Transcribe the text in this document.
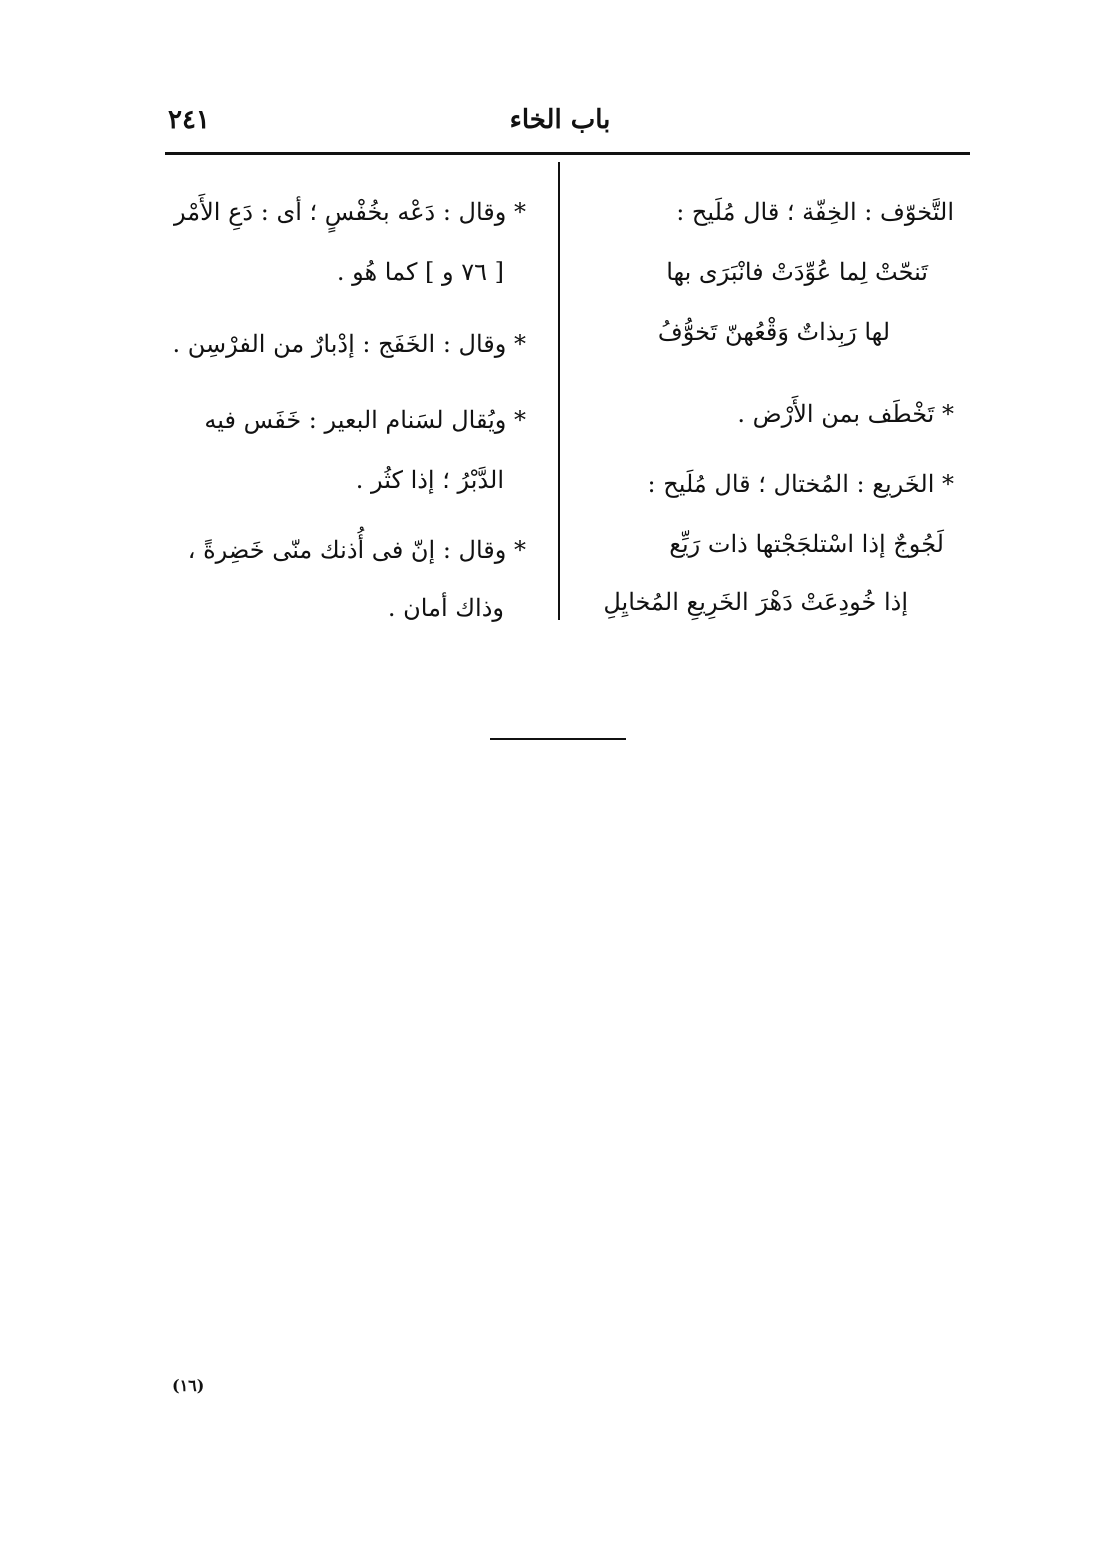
باب الخاء
٢٤١
التَّخوّف : الخِفّة ؛ قال مُلَيح :
تَنحّتْ لِما عُوِّدَتْ فانْبَرَى بها
لها رَبِذاتٌ وَقْعُهنّ تَخوُّفُ
* تَخْطَف بمن الأَرْض .
* الخَريع : المُختال ؛ قال مُلَيح :
لَجُوجٌ إذا اسْتلجَجْتها ذات رَيِّع
إذا خُودِعَتْ دَهْرَ الخَرِيعِ المُخايِلِ
* وقال : دَعْه بخُفْسٍ ؛ أى : دَعِ الأَمْر
[ ٧٦ و ] كما هُو .
* وقال : الخَفَج : إدْبارٌ من الفرْسِن .
* ويُقال لسَنام البعير : خَفَس فيه
الدَّبْرُ ؛ إذا كثُر .
* وقال : إنّ فى أُذنك منّى خَضِرةً ،
وذاك أمان .
(١٦)
